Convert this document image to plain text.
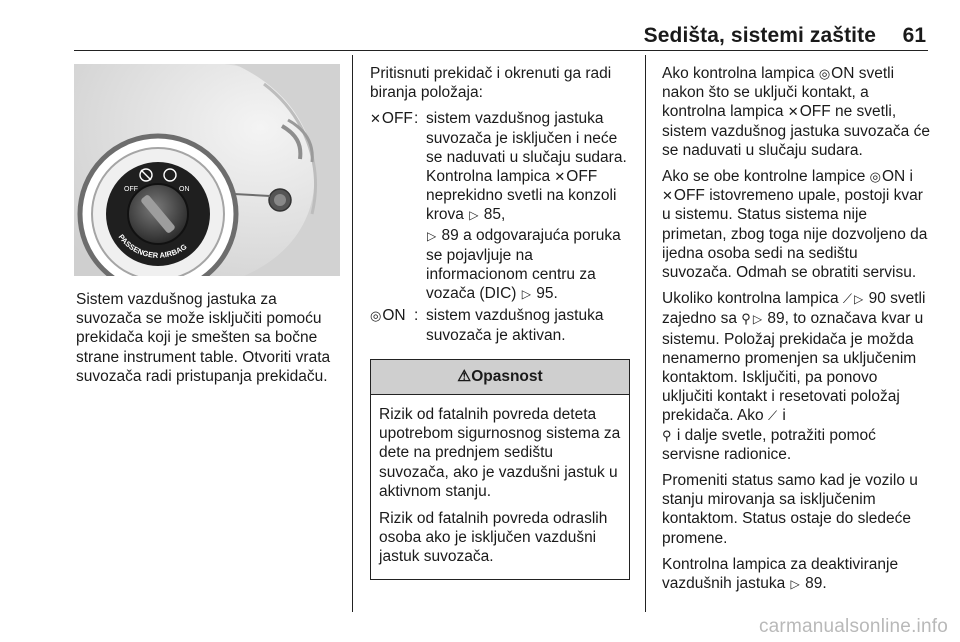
Sedišta, sistemi zaštite 61
OFF	ON
PASSENGER AIRBAG

Sistem vazdušnog jastuka za suvozača se može isključiti pomoću prekidača koji je smešten sa bočne strane instrument table. Otvoriti vrata suvozača radi pristupanja prekidaču.

Pritisnuti prekidač i okrenuti ga radi biranja položaja:

✕OFF : sistem vazdušnog jastuka suvozača je isključen i neće se naduvati u slučaju sudara. Kontrolna lampica ✕OFF neprekidno svetli na konzoli krova ▷ 85,
▷ 89 a odgovarajuća poruka se pojavljuje na informacionom centru za vozača (DIC) ▷ 95.
◎ON : sistem vazdušnog jastuka suvozača je aktivan.
⚠Opasnost

Rizik od fatalnih povreda deteta upotrebom sigurnosnog sistema za dete na prednjem sedištu suvozača, ako je vazdušni jastuk u aktivnom stanju.

Rizik od fatalnih povreda odraslih osoba ako je isključen vazdušni jastuk suvozača.

Ako kontrolna lampica ◎ON svetli nakon što se uključi kontakt, a kontrolna lampica ✕OFF ne svetli, sistem vazdušnog jastuka suvozača će se naduvati u slučaju sudara.

Ako se obe kontrolne lampice ◎ON i
✕OFF istovremeno upale, postoji kvar u sistemu. Status sistema nije primetan, zbog toga nije dozvoljeno da ijedna osoba sedi na sedištu suvozača. Odmah se obratiti servisu.

Ukoliko kontrolna lampica ⟋ ▷ 90 svetli zajedno sa ⚲ ▷ 89, to označava kvar u sistemu. Položaj prekidača je možda nenamerno promenjen sa uključenim kontaktom. Isključiti, pa ponovo uključiti kontakt i resetovati položaj prekidača. Ako ⟋ i
⚲ i dalje svetle, potražiti pomoć servisne radionice.

Promeniti status samo kad je vozilo u stanju mirovanja sa isključenim kontaktom. Status ostaje do sledeće promene.

Kontrolna lampica za deaktiviranje vazdušnih jastuka ▷ 89.

carmanualsonline.info
